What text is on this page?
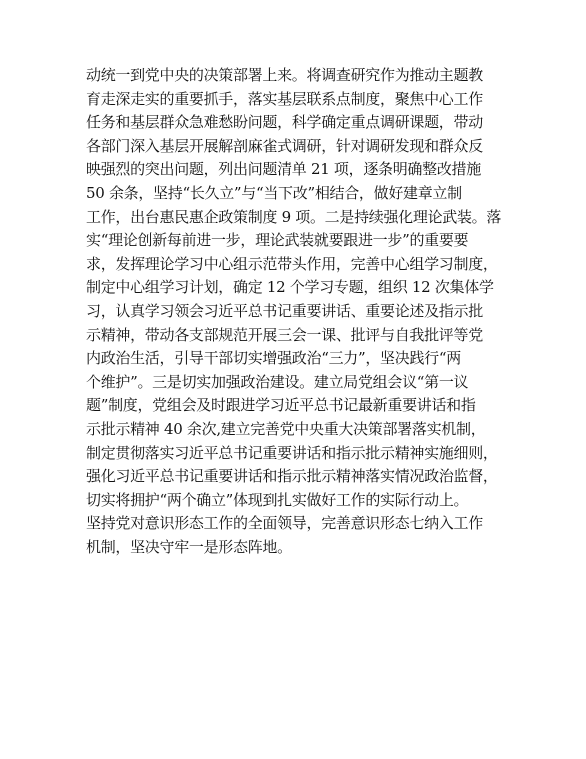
动统一到党中央的决策部署上来。将调查研究作为推动主题教
育走深走实的重要抓手，落实基层联系点制度，聚焦中心工作
任务和基层群众急难愁盼问题，科学确定重点调研课题，带动
各部门深入基层开展解剖麻雀式调研，针对调研发现和群众反
映强烈的突出问题，列出问题清单 21 项，逐条明确整改措施
50 余条，坚持“长久立”与“当下改”相结合，做好建章立制
工作，出台惠民惠企政策制度 9 项。二是持续强化理论武装。落
实“理论创新每前进一步，理论武装就要跟进一步”的重要要
求，发挥理论学习中心组示范带头作用，完善中心组学习制度，
制定中心组学习计划，确定 12 个学习专题，组织 12 次集体学
习，认真学习领会习近平总书记重要讲话、重要论述及指示批
示精神，带动各支部规范开展三会一课、批评与自我批评等党
内政治生活，引导干部切实增强政治“三力”，坚决践行“两
个维护”。三是切实加强政治建设。建立局党组会议“第一议
题”制度，党组会及时跟进学习近平总书记最新重要讲话和指
示批示精神 40 余次,建立完善党中央重大决策部署落实机制，
制定贯彻落实习近平总书记重要讲话和指示批示精神实施细则，
强化习近平总书记重要讲话和指示批示精神落实情况政治监督，
切实将拥护“两个确立”体现到扎实做好工作的实际行动上。
坚持党对意识形态工作的全面领导，完善意识形态七纳入工作
机制，坚决守牢一是形态阵地。
